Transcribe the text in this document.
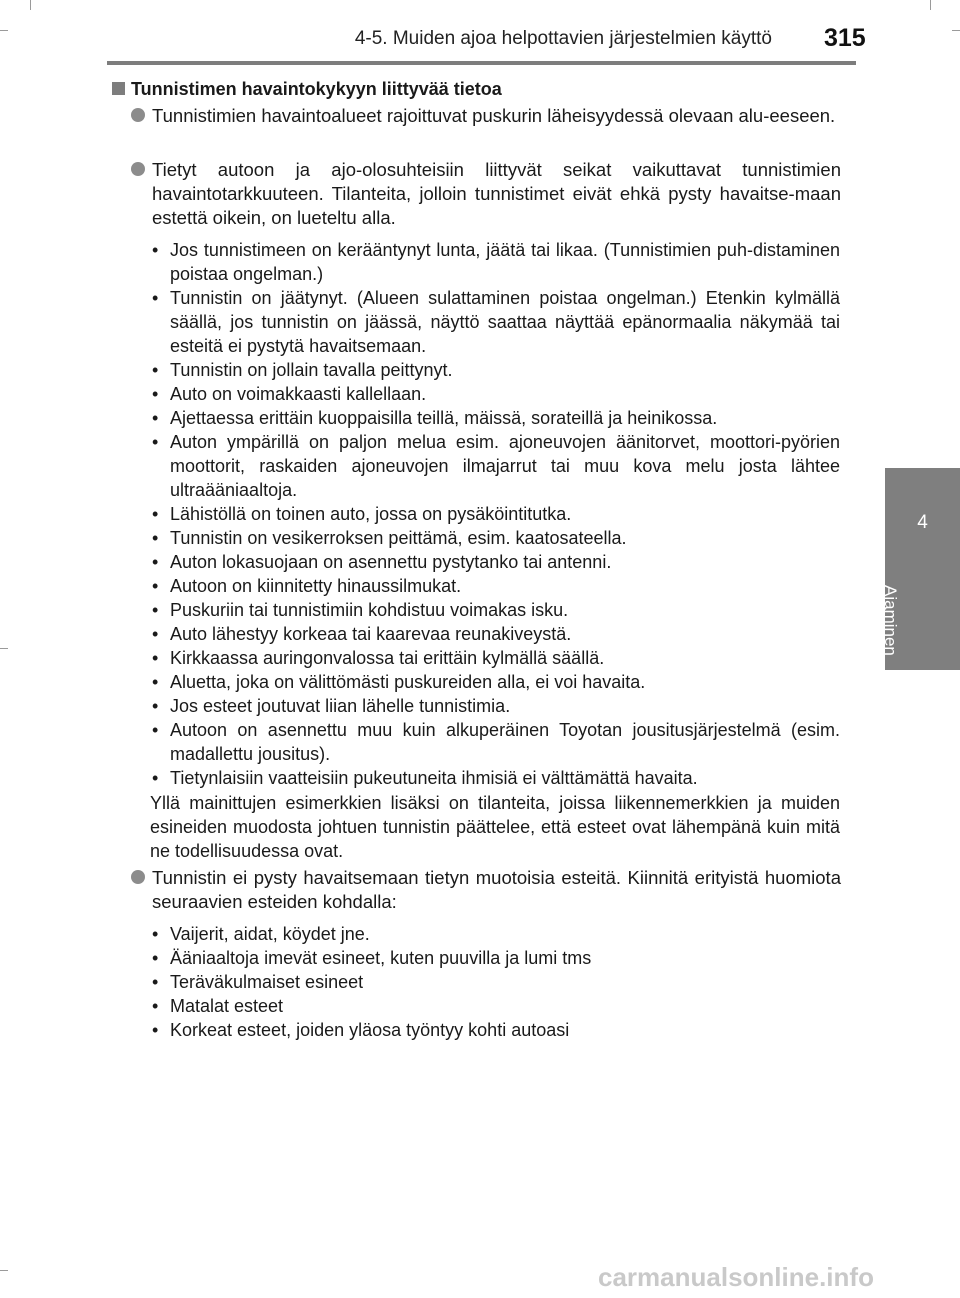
4-5. Muiden ajoa helpottavien järjestelmien käyttö 315
4
Ajaminen
Tunnistimen havaintokykyyn liittyvää tietoa
Tunnistimien havaintoalueet rajoittuvat puskurin läheisyydessä olevaan alu-eeseen.
Tietyt autoon ja ajo-olosuhteisiin liittyvät seikat vaikuttavat tunnistimien havaintotarkkuuteen. Tilanteita, jolloin tunnistimet eivät ehkä pysty havaitse-maan estettä oikein, on lueteltu alla.
• Jos tunnistimeen on kerääntynyt lunta, jäätä tai likaa. (Tunnistimien puh-distaminen poistaa ongelman.)
• Tunnistin on jäätynyt. (Alueen sulattaminen poistaa ongelman.) Etenkin kylmällä säällä, jos tunnistin on jäässä, näyttö saattaa näyttää epänormaalia näkymää tai esteitä ei pystytä havaitsemaan.
• Tunnistin on jollain tavalla peittynyt.
• Auto on voimakkaasti kallellaan.
• Ajettaessa erittäin kuoppaisilla teillä, mäissä, sorateillä ja heinikossa.
• Auton ympärillä on paljon melua esim. ajoneuvojen äänitorvet, moottori-pyörien moottorit, raskaiden ajoneuvojen ilmajarrut tai muu kova melu josta lähtee ultraääniaaltoja.
• Lähistöllä on toinen auto, jossa on pysäköintitutka.
• Tunnistin on vesikerroksen peittämä, esim. kaatosateella.
• Auton lokasuojaan on asennettu pystytanko tai antenni.
• Autoon on kiinnitetty hinaussilmukat.
• Puskuriin tai tunnistimiin kohdistuu voimakas isku.
• Auto lähestyy korkeaa tai kaarevaa reunakiveystä.
• Kirkkaassa auringonvalossa tai erittäin kylmällä säällä.
• Aluetta, joka on välittömästi puskureiden alla, ei voi havaita.
• Jos esteet joutuvat liian lähelle tunnistimia.
• Autoon on asennettu muu kuin alkuperäinen Toyotan jousitusjärjestelmä (esim. madallettu jousitus).
• Tietynlaisiin vaatteisiin pukeutuneita ihmisiä ei välttämättä havaita.
Yllä mainittujen esimerkkien lisäksi on tilanteita, joissa liikennemerkkien ja muiden esineiden muodosta johtuen tunnistin päättelee, että esteet ovat lähempänä kuin mitä ne todellisuudessa ovat.
Tunnistin ei pysty havaitsemaan tietyn muotoisia esteitä. Kiinnitä erityistä huomiota seuraavien esteiden kohdalla:
• Vaijerit, aidat, köydet jne.
• Ääniaaltoja imevät esineet, kuten puuvilla ja lumi tms
• Teräväkulmaiset esineet
• Matalat esteet
• Korkeat esteet, joiden yläosa työntyy kohti autoasi
carmanualsonline.info
